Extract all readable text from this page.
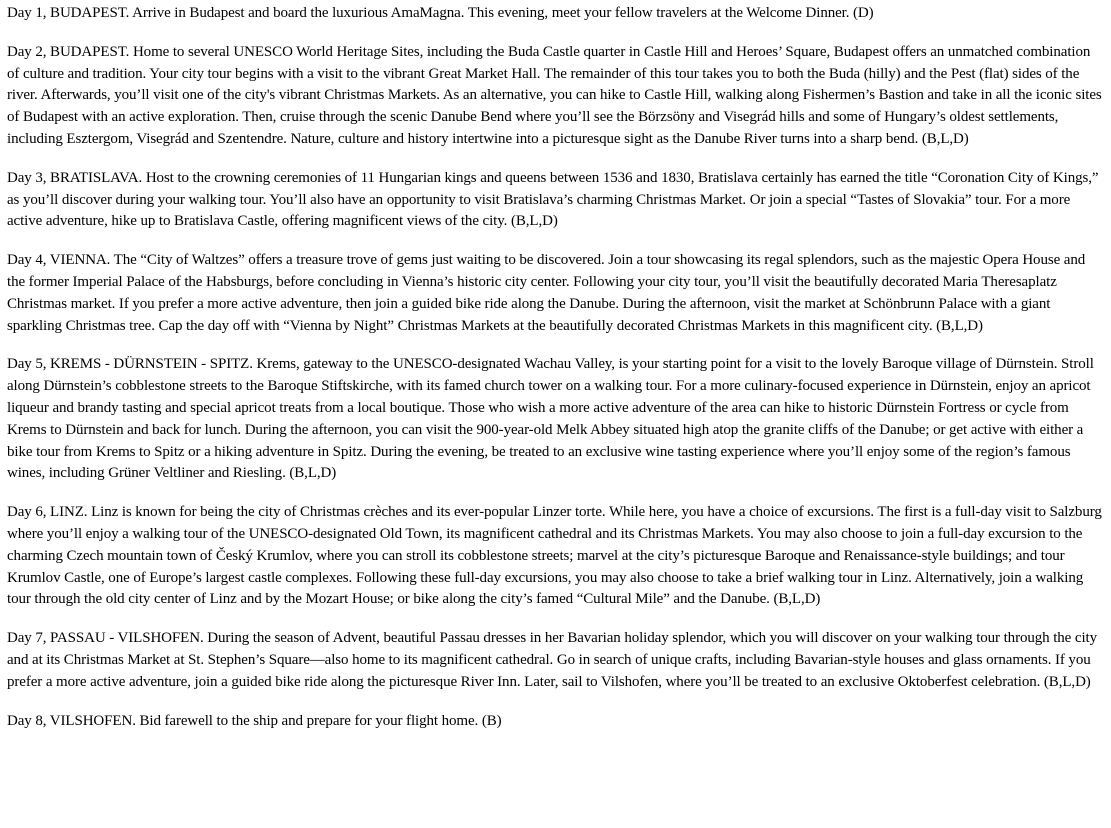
Day 1, BUDAPEST. Arrive in Budapest and board the luxurious AmaMagna. This evening, meet your fellow travelers at the Welcome Dinner. (D)

Day 2, BUDAPEST. Home to several UNESCO World Heritage Sites, including the Buda Castle quarter in Castle Hill and Heroes’ Square, Budapest offers an unmatched combination of culture and tradition. Your city tour begins with a visit to the vibrant Great Market Hall. The remainder of this tour takes you to both the Buda (hilly) and the Pest (flat) sides of the river. Afterwards, you’ll visit one of the city's vibrant Christmas Markets. As an alternative, you can hike to Castle Hill, walking along Fishermen’s Bastion and take in all the iconic sites of Budapest with an active exploration. Then, cruise through the scenic Danube Bend where you’ll see the Börzsöny and Visegrád hills and some of Hungary’s oldest settlements, including Esztergom, Visegrád and Szentendre. Nature, culture and history intertwine into a picturesque sight as the Danube River turns into a sharp bend. (B,L,D)

Day 3, BRATISLAVA. Host to the crowning ceremonies of 11 Hungarian kings and queens between 1536 and 1830, Bratislava certainly has earned the title “Coronation City of Kings,” as you’ll discover during your walking tour. You’ll also have an opportunity to visit Bratislava’s charming Christmas Market. Or join a special “Tastes of Slovakia” tour. For a more active adventure, hike up to Bratislava Castle, offering magnificent views of the city. (B,L,D)

Day 4, VIENNA. The “City of Waltzes” offers a treasure trove of gems just waiting to be discovered. Join a tour showcasing its regal splendors, such as the majestic Opera House and the former Imperial Palace of the Habsburgs, before concluding in Vienna’s historic city center. Following your city tour, you’ll visit the beautifully decorated Maria Theresaplatz Christmas market. If you prefer a more active adventure, then join a guided bike ride along the Danube. During the afternoon, visit the market at Schönbrunn Palace with a giant sparkling Christmas tree. Cap the day off with “Vienna by Night” Christmas Markets at the beautifully decorated Christmas Markets in this magnificent city. (B,L,D)

Day 5, KREMS - DÜRNSTEIN - SPITZ. Krems, gateway to the UNESCO-designated Wachau Valley, is your starting point for a visit to the lovely Baroque village of Dürnstein. Stroll along Dürnstein’s cobblestone streets to the Baroque Stiftskirche, with its famed church tower on a walking tour. For a more culinary-focused experience in Dürnstein, enjoy an apricot liqueur and brandy tasting and special apricot treats from a local boutique. Those who wish a more active adventure of the area can hike to historic Dürnstein Fortress or cycle from Krems to Dürnstein and back for lunch. During the afternoon, you can visit the 900-year-old Melk Abbey situated high atop the granite cliffs of the Danube; or get active with either a bike tour from Krems to Spitz or a hiking adventure in Spitz. During the evening, be treated to an exclusive wine tasting experience where you’ll enjoy some of the region’s famous wines, including Grüner Veltliner and Riesling. (B,L,D)

Day 6, LINZ. Linz is known for being the city of Christmas crèches and its ever-popular Linzer torte. While here, you have a choice of excursions. The first is a full-day visit to Salzburg where you’ll enjoy a walking tour of the UNESCO-designated Old Town, its magnificent cathedral and its Christmas Markets. You may also choose to join a full-day excursion to the charming Czech mountain town of Český Krumlov, where you can stroll its cobblestone streets; marvel at the city’s picturesque Baroque and Renaissance-style buildings; and tour Krumlov Castle, one of Europe’s largest castle complexes. Following these full-day excursions, you may also choose to take a brief walking tour in Linz. Alternatively, join a walking tour through the old city center of Linz and by the Mozart House; or bike along the city’s famed “Cultural Mile” and the Danube. (B,L,D)

Day 7, PASSAU - VILSHOFEN. During the season of Advent, beautiful Passau dresses in her Bavarian holiday splendor, which you will discover on your walking tour through the city and at its Christmas Market at St. Stephen’s Square—also home to its magnificent cathedral. Go in search of unique crafts, including Bavarian-style houses and glass ornaments. If you prefer a more active adventure, join a guided bike ride along the picturesque River Inn. Later, sail to Vilshofen, where you’ll be treated to an exclusive Oktoberfest celebration. (B,L,D)

Day 8, VILSHOFEN. Bid farewell to the ship and prepare for your flight home. (B)
